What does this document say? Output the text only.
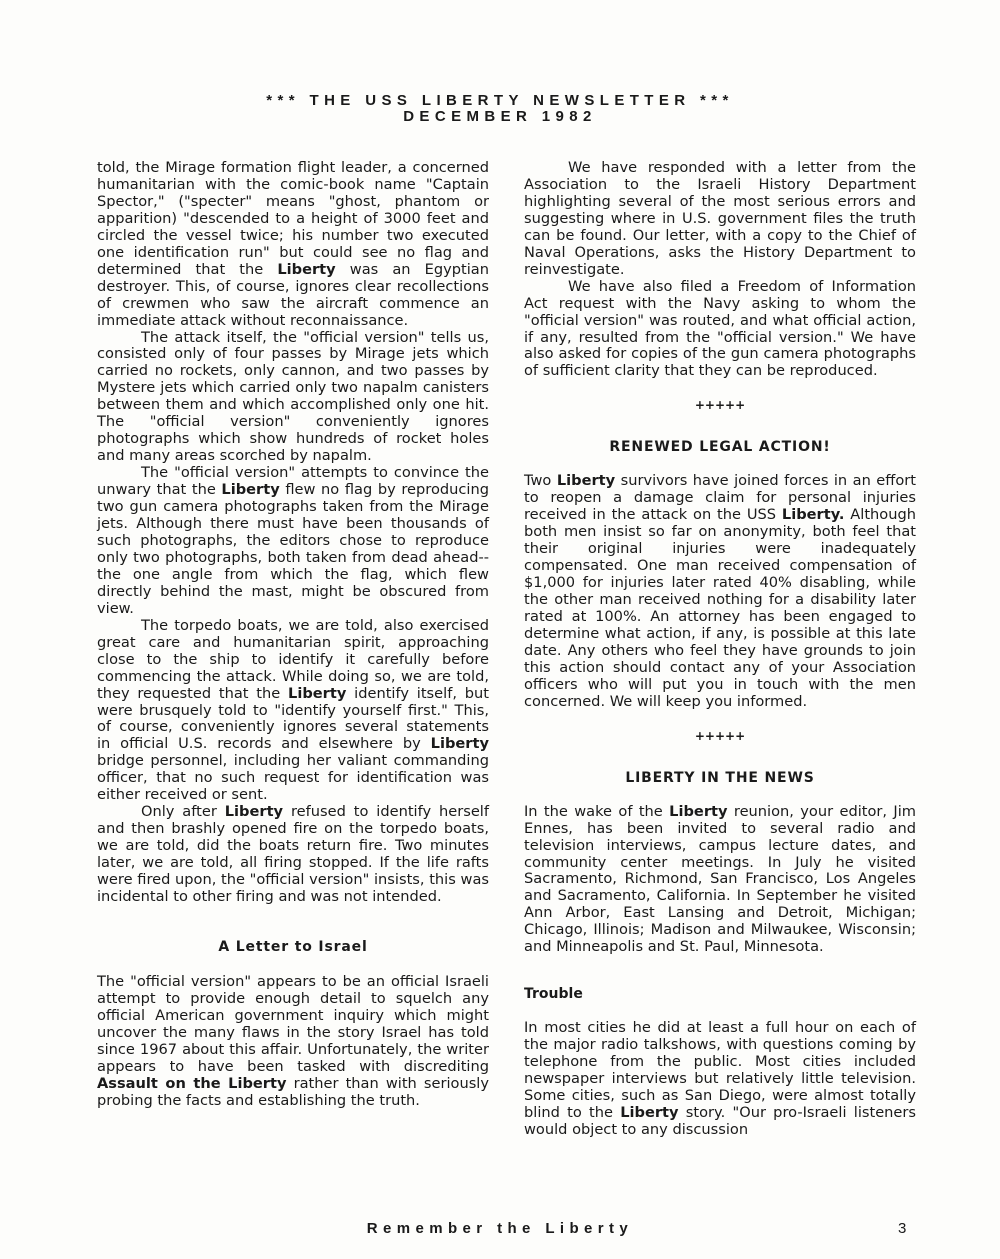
*** THE USS LIBERTY NEWSLETTER ***
DECEMBER 1982

told, the Mirage formation flight leader, a concerned humanitarian with the comic-book name "Captain Spector," ("specter" means "ghost, phantom or apparition) "descended to a height of 3000 feet and circled the vessel twice; his number two executed one identification run" but could see no flag and determined that the Liberty was an Egyptian destroyer. This, of course, ignores clear recollections of crewmen who saw the aircraft commence an immediate attack without reconnaissance.

The attack itself, the "official version" tells us, consisted only of four passes by Mirage jets which carried no rockets, only cannon, and two passes by Mystere jets which carried only two napalm canisters between them and which accomplished only one hit. The "official version" conveniently ignores photographs which show hundreds of rocket holes and many areas scorched by napalm.

The "official version" attempts to convince the unwary that the Liberty flew no flag by reproducing two gun camera photographs taken from the Mirage jets. Although there must have been thousands of such photographs, the editors chose to reproduce only two photographs, both taken from dead ahead--the one angle from which the flag, which flew directly behind the mast, might be obscured from view.

The torpedo boats, we are told, also exercised great care and humanitarian spirit, approaching close to the ship to identify it carefully before commencing the attack. While doing so, we are told, they requested that the Liberty identify itself, but were brusquely told to "identify yourself first." This, of course, conveniently ignores several statements in official U.S. records and elsewhere by Liberty bridge personnel, including her valiant commanding officer, that no such request for identification was either received or sent.

Only after Liberty refused to identify herself and then brashly opened fire on the torpedo boats, we are told, did the boats return fire. Two minutes later, we are told, all firing stopped. If the life rafts were fired upon, the "official version" insists, this was incidental to other firing and was not intended.

A Letter to Israel

The "official version" appears to be an official Israeli attempt to provide enough detail to squelch any official American government inquiry which might uncover the many flaws in the story Israel has told since 1967 about this affair. Unfortunately, the writer appears to have been tasked with discrediting Assault on the Liberty rather than with seriously probing the facts and establishing the truth.

We have responded with a letter from the Association to the Israeli History Department highlighting several of the most serious errors and suggesting where in U.S. government files the truth can be found. Our letter, with a copy to the Chief of Naval Operations, asks the History Department to reinvestigate.

We have also filed a Freedom of Information Act request with the Navy asking to whom the "official version" was routed, and what official action, if any, resulted from the "official version." We have also asked for copies of the gun camera photographs of sufficient clarity that they can be reproduced.

+++++
RENEWED LEGAL ACTION!

Two Liberty survivors have joined forces in an effort to reopen a damage claim for personal injuries received in the attack on the USS Liberty. Although both men insist so far on anonymity, both feel that their original injuries were inadequately compensated. One man received compensation of $1,000 for injuries later rated 40% disabling, while the other man received nothing for a disability later rated at 100%. An attorney has been engaged to determine what action, if any, is possible at this late date. Any others who feel they have grounds to join this action should contact any of your Association officers who will put you in touch with the men concerned. We will keep you informed.

+++++
LIBERTY IN THE NEWS

In the wake of the Liberty reunion, your editor, Jim Ennes, has been invited to several radio and television interviews, campus lecture dates, and community center meetings. In July he visited Sacramento, Richmond, San Francisco, Los Angeles and Sacramento, California. In September he visited Ann Arbor, East Lansing and Detroit, Michigan; Chicago, Illinois; Madison and Milwaukee, Wisconsin; and Minneapolis and St. Paul, Minnesota.

Trouble

In most cities he did at least a full hour on each of the major radio talkshows, with questions coming by telephone from the public. Most cities included newspaper interviews but relatively little television. Some cities, such as San Diego, were almost totally blind to the Liberty story. "Our pro-Israeli listeners would object to any discussion

Remember the Liberty	3
